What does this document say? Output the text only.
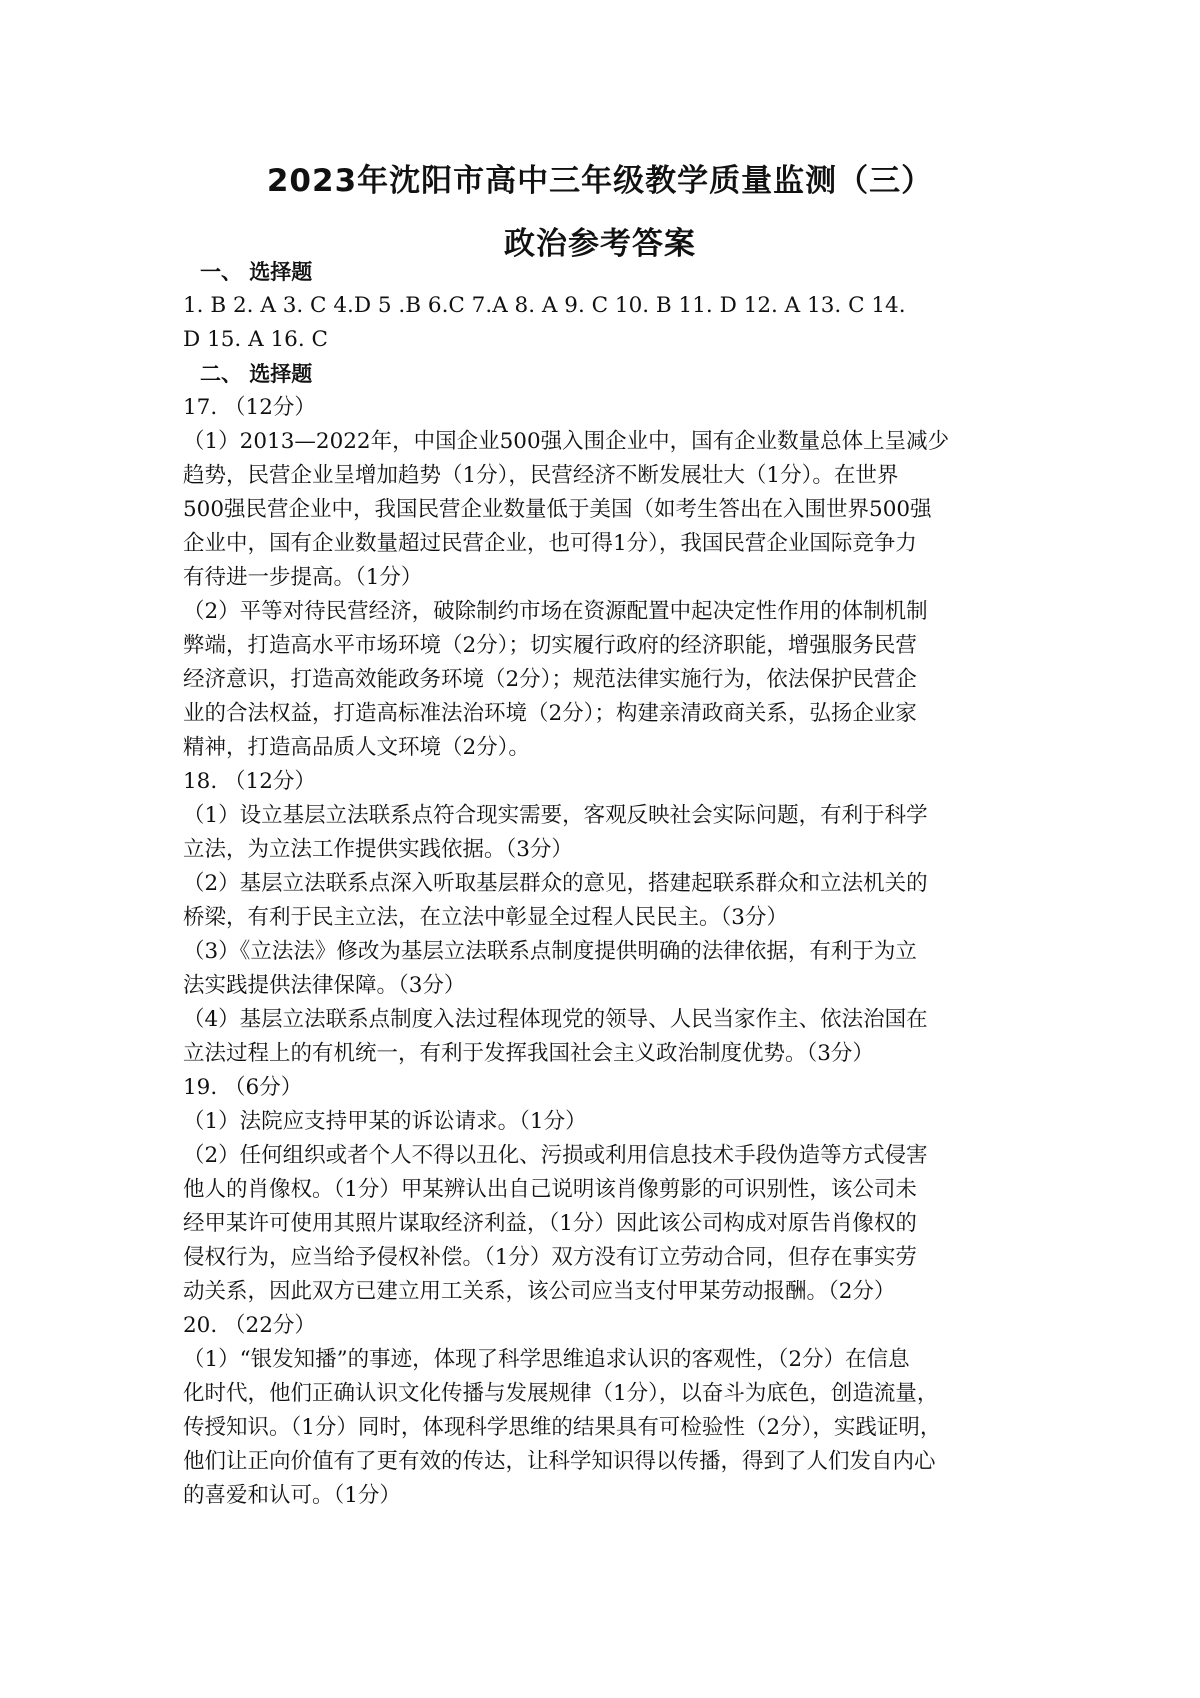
2023年沈阳市高中三年级教学质量监测（三）
政治参考答案
一、 选择题
1. B 2. A 3. C 4.D 5 .B 6.C 7.A 8. A 9. C 10. B 11. D 12. A 13. C 14.
D 15. A 16. C
二、 选择题
17. （12分）
（1）2013—2022年，中国企业500强入围企业中，国有企业数量总体上呈减少
趋势，民营企业呈增加趋势（1分），民营经济不断发展壮大（1分）。在世界
500强民营企业中，我国民营企业数量低于美国（如考生答出在入围世界500强
企业中，国有企业数量超过民营企业，也可得1分），我国民营企业国际竞争力
有待进一步提高。（1分）
（2）平等对待民营经济，破除制约市场在资源配置中起决定性作用的体制机制
弊端，打造高水平市场环境（2分）；切实履行政府的经济职能，增强服务民营
经济意识，打造高效能政务环境（2分）；规范法律实施行为，依法保护民营企
业的合法权益，打造高标准法治环境（2分）；构建亲清政商关系，弘扬企业家
精神，打造高品质人文环境（2分）。
18. （12分）
（1）设立基层立法联系点符合现实需要，客观反映社会实际问题，有利于科学
立法，为立法工作提供实践依据。（3分）
（2）基层立法联系点深入听取基层群众的意见，搭建起联系群众和立法机关的
桥梁，有利于民主立法，在立法中彰显全过程人民民主。（3分）
（3）《立法法》修改为基层立法联系点制度提供明确的法律依据，有利于为立
法实践提供法律保障。（3分）
（4）基层立法联系点制度入法过程体现党的领导、人民当家作主、依法治国在
立法过程上的有机统一，有利于发挥我国社会主义政治制度优势。（3分）
19. （6分）
（1）法院应支持甲某的诉讼请求。（1分）
（2）任何组织或者个人不得以丑化、污损或利用信息技术手段伪造等方式侵害
他人的肖像权。（1分）甲某辨认出自己说明该肖像剪影的可识别性，该公司未
经甲某许可使用其照片谋取经济利益，（1分）因此该公司构成对原告肖像权的
侵权行为，应当给予侵权补偿。（1分）双方没有订立劳动合同，但存在事实劳
动关系，因此双方已建立用工关系，该公司应当支付甲某劳动报酬。（2分）
20. （22分）
（1）“银发知播”的事迹，体现了科学思维追求认识的客观性，（2分）在信息
化时代，他们正确认识文化传播与发展规律（1分），以奋斗为底色，创造流量，
传授知识。（1分）同时，体现科学思维的结果具有可检验性（2分），实践证明，
他们让正向价值有了更有效的传达，让科学知识得以传播，得到了人们发自内心
的喜爱和认可。（1分）
